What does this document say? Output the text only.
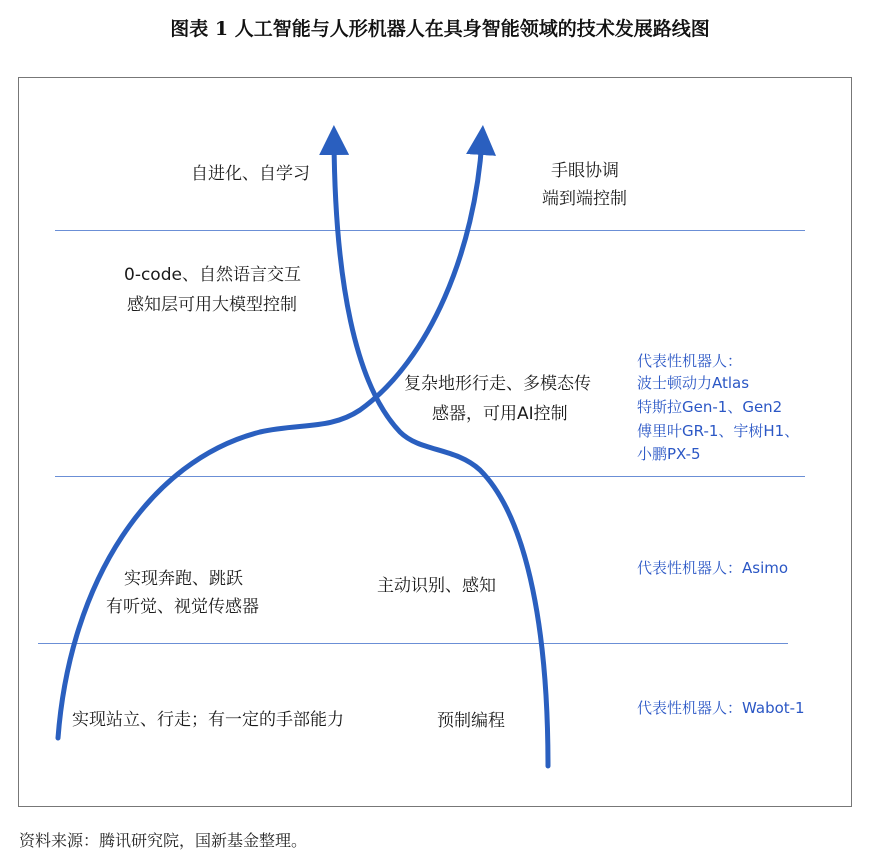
图表 1 人工智能与人形机器人在具身智能领域的技术发展路线图
自进化、自学习	手眼协调
端到端控制
0-code、自然语言交互
感知层可用大模型控制
复杂地形行走、多模态传
感器，可用AI控制
实现奔跑、跳跃
有听觉、视觉传感器
主动识别、感知
实现站立、行走；有一定的手部能力	预制编程
代表性机器人：
波士顿动力Atlas
特斯拉Gen-1、Gen2
傅里叶GR-1、宇树H1、
小鹏PX-5
代表性机器人：Asimo
代表性机器人：Wabot-1
资料来源：腾讯研究院，国新基金整理。
